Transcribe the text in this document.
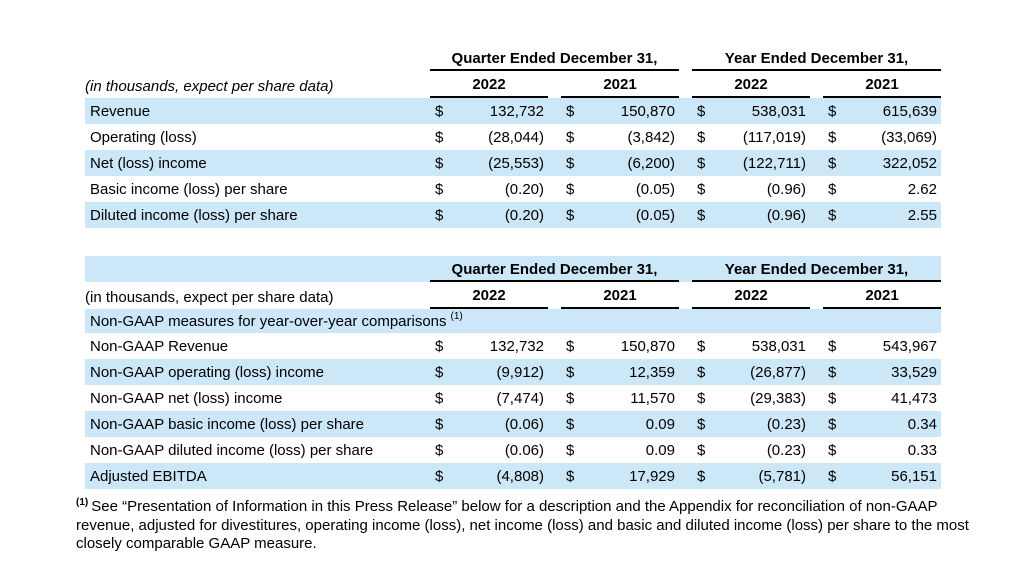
Quarter Ended December 31,	Year Ended December 31,
(in thousands, expect per share data)	2022	2021	2022	2021
Revenue	$	132,732 $	150,870 $	538,031 $	615,639
Operating (loss)	$	(28,044) $	(3,842) $	(117,019) $	(33,069)
Net (loss) income	$	(25,553) $	(6,200) $	(122,711) $	322,052
Basic income (loss) per share	$	(0.20) $	(0.05) $	(0.96) $	2.62
Diluted income (loss) per share	$	(0.20) $	(0.05) $	(0.96) $	2.55
Quarter Ended December 31,	Year Ended December 31,
(in thousands, expect per share data)	2022	2021	2022	2021
Non-GAAP measures for year-over-year comparisons $^{(1)}$
Non-GAAP Revenue	$	132,732 $	150,870 $	538,031 $	543,967
Non-GAAP operating (loss) income	$	(9,912) $	12,359 $	(26,877) $	33,529
Non-GAAP net (loss) income	$	(7,474) $	11,570 $	(29,383) $	41,473
Non-GAAP basic income (loss) per share	$	(0.06) $	0.09 $	(0.23) $	0.34
Non-GAAP diluted income (loss) per share	$	(0.06) $	0.09 $	(0.23) $	0.33
Adjusted EBITDA	$	(4,808) $	17,929 $	(5,781) $	56,151

$^{(1)}$ See “Presentation of Information in this Press Release” below for a description and the Appendix for reconciliation of non-GAAP revenue, adjusted for divestitures, operating income (loss), net income (loss) and basic and diluted income (loss) per share to the most closely comparable GAAP measure.
